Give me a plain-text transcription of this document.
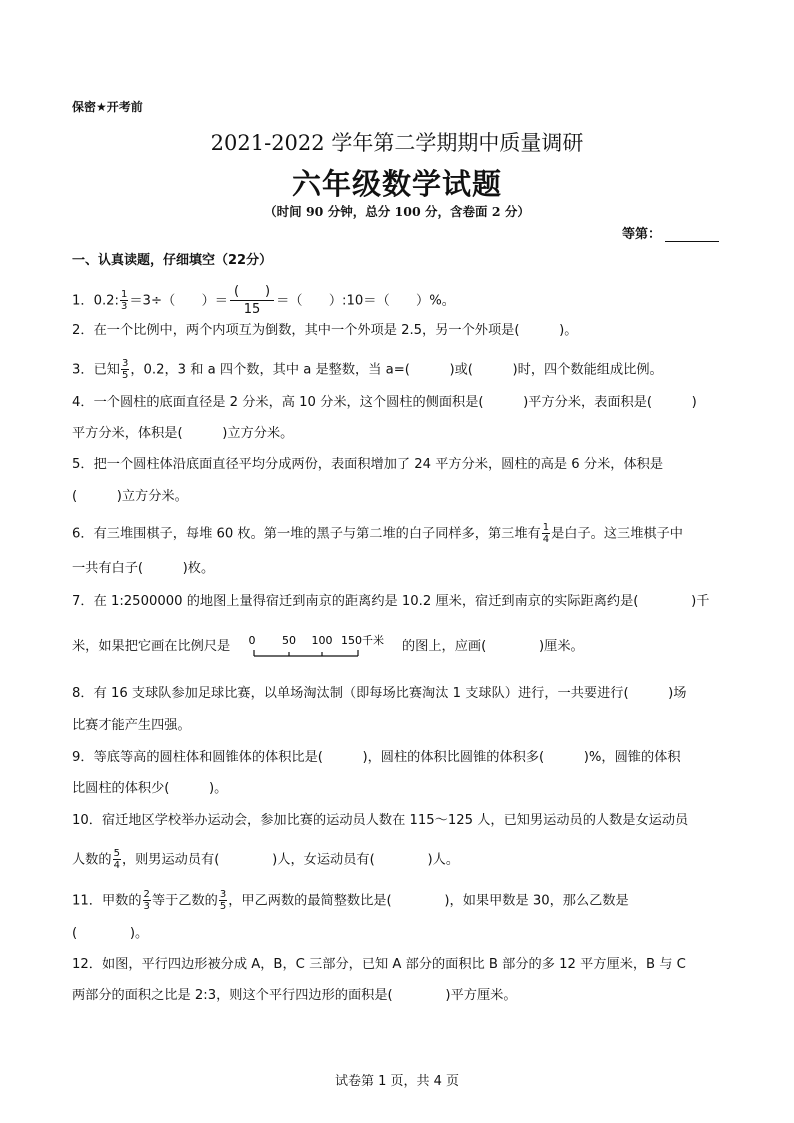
保密★开考前
2021-2022 学年第二学期期中质量调研
六年级数学试题
（时间 90 分钟，总分 100 分，含卷面 2 分）
等第：
一、认真读题，仔细填空（22分）
1．0.2: $\frac{1}{3} =3\div$（　　）＝ $\frac{( )}{15}$ ＝（　　）:10＝（　　）%。
2．在一个比例中，两个内项互为倒数，其中一个外项是 2.5，另一个外项是(　　　)。
3．已知 $\frac{3}{5}$ ，0.2，3 和 a 四个数，其中 a 是整数，当 a=(　　　)或(　　　)时，四个数能组成比例。
4．一个圆柱的底面直径是 2 分米，高 10 分米，这个圆柱的侧面积是(　　　)平方分米，表面积是(　　　)
平方分米，体积是(　　　)立方分米。
5．把一个圆柱体沿底面直径平均分成两份，表面积增加了 24 平方分米，圆柱的高是 6 分米，体积是
(　　　)立方分米。
6．有三堆围棋子，每堆 60 枚。第一堆的黑子与第二堆的白子同样多，第三堆有 $\frac{1}{4}$ 是白子。这三堆棋子中
一共有白子(　　　)枚。
7．在 1:2500000 的地图上量得宿迁到南京的距离约是 10.2 厘米，宿迁到南京的实际距离约是(　　　　)千
米，如果把它画在比例尺是	0 50 100 150千米 的图上，应画(　　　　)厘米。
8．有 16 支球队参加足球比赛，以单场淘汰制（即每场比赛淘汰 1 支球队）进行，一共要进行(　　　)场
比赛才能产生四强。
9．等底等高的圆柱体和圆锥体的体积比是(　　　)，圆柱的体积比圆锥的体积多(　　　)%，圆锥的体积
比圆柱的体积少(　　　)。
10．宿迁地区学校举办运动会，参加比赛的运动员人数在 115～125 人，已知男运动员的人数是女运动员
人数的 $\frac{5}{4}$ ，则男运动员有(　　　　)人，女运动员有(　　　　)人。
11．甲数的 $\frac{2}{3}$ 等于乙数的 $\frac{3}{5}$ ，甲乙两数的最简整数比是(　　　　)，如果甲数是 30，那么乙数是
(　　　　)。
12．如图，平行四边形被分成 A，B，C 三部分，已知 A 部分的面积比 B 部分的多 12 平方厘米，B 与 C
两部分的面积之比是 2:3，则这个平行四边形的面积是(　　　　)平方厘米。
试卷第 1 页，共 4 页
